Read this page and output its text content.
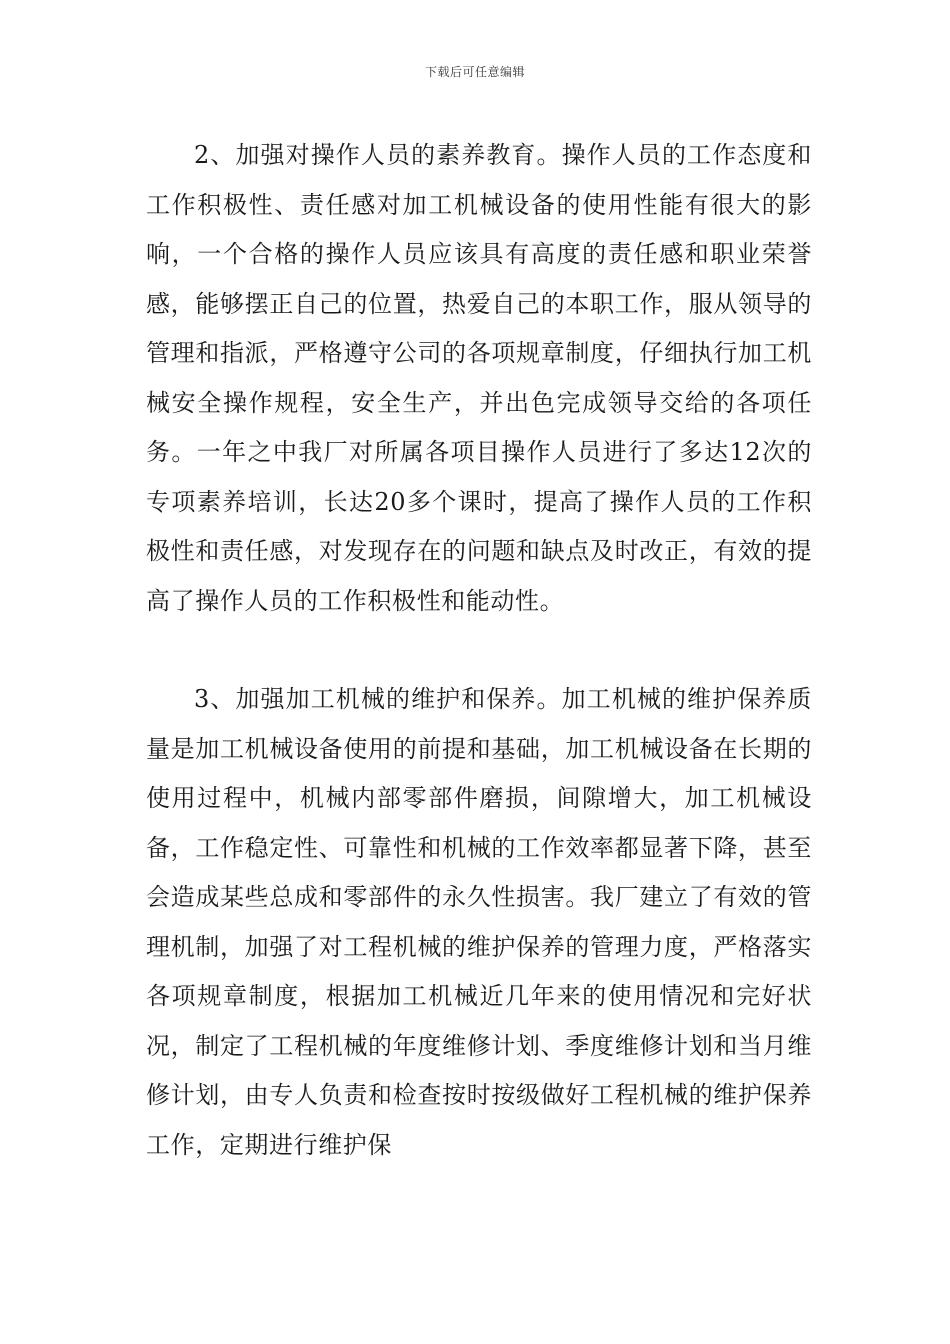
下载后可任意编辑

2、加强对操作人员的素养教育。操作人员的工作态度和工作积极性、责任感对加工机械设备的使用性能有很大的影响，一个合格的操作人员应该具有高度的责任感和职业荣誉感，能够摆正自己的位置，热爱自己的本职工作，服从领导的管理和指派，严格遵守公司的各项规章制度，仔细执行加工机械安全操作规程，安全生产，并出色完成领导交给的各项任务。一年之中我厂对所属各项目操作人员进行了多达12次的专项素养培训，长达20多个课时，提高了操作人员的工作积极性和责任感，对发现存在的问题和缺点及时改正，有效的提高了操作人员的工作积极性和能动性。

3、加强加工机械的维护和保养。加工机械的维护保养质量是加工机械设备使用的前提和基础，加工机械设备在长期的使用过程中，机械内部零部件磨损，间隙增大，加工机械设备，工作稳定性、可靠性和机械的工作效率都显著下降，甚至会造成某些总成和零部件的永久性损害。我厂建立了有效的管理机制，加强了对工程机械的维护保养的管理力度，严格落实各项规章制度，根据加工机械近几年来的使用情况和完好状况，制定了工程机械的年度维修计划、季度维修计划和当月维修计划，由专人负责和检查按时按级做好工程机械的维护保养工作，定期进行维护保
